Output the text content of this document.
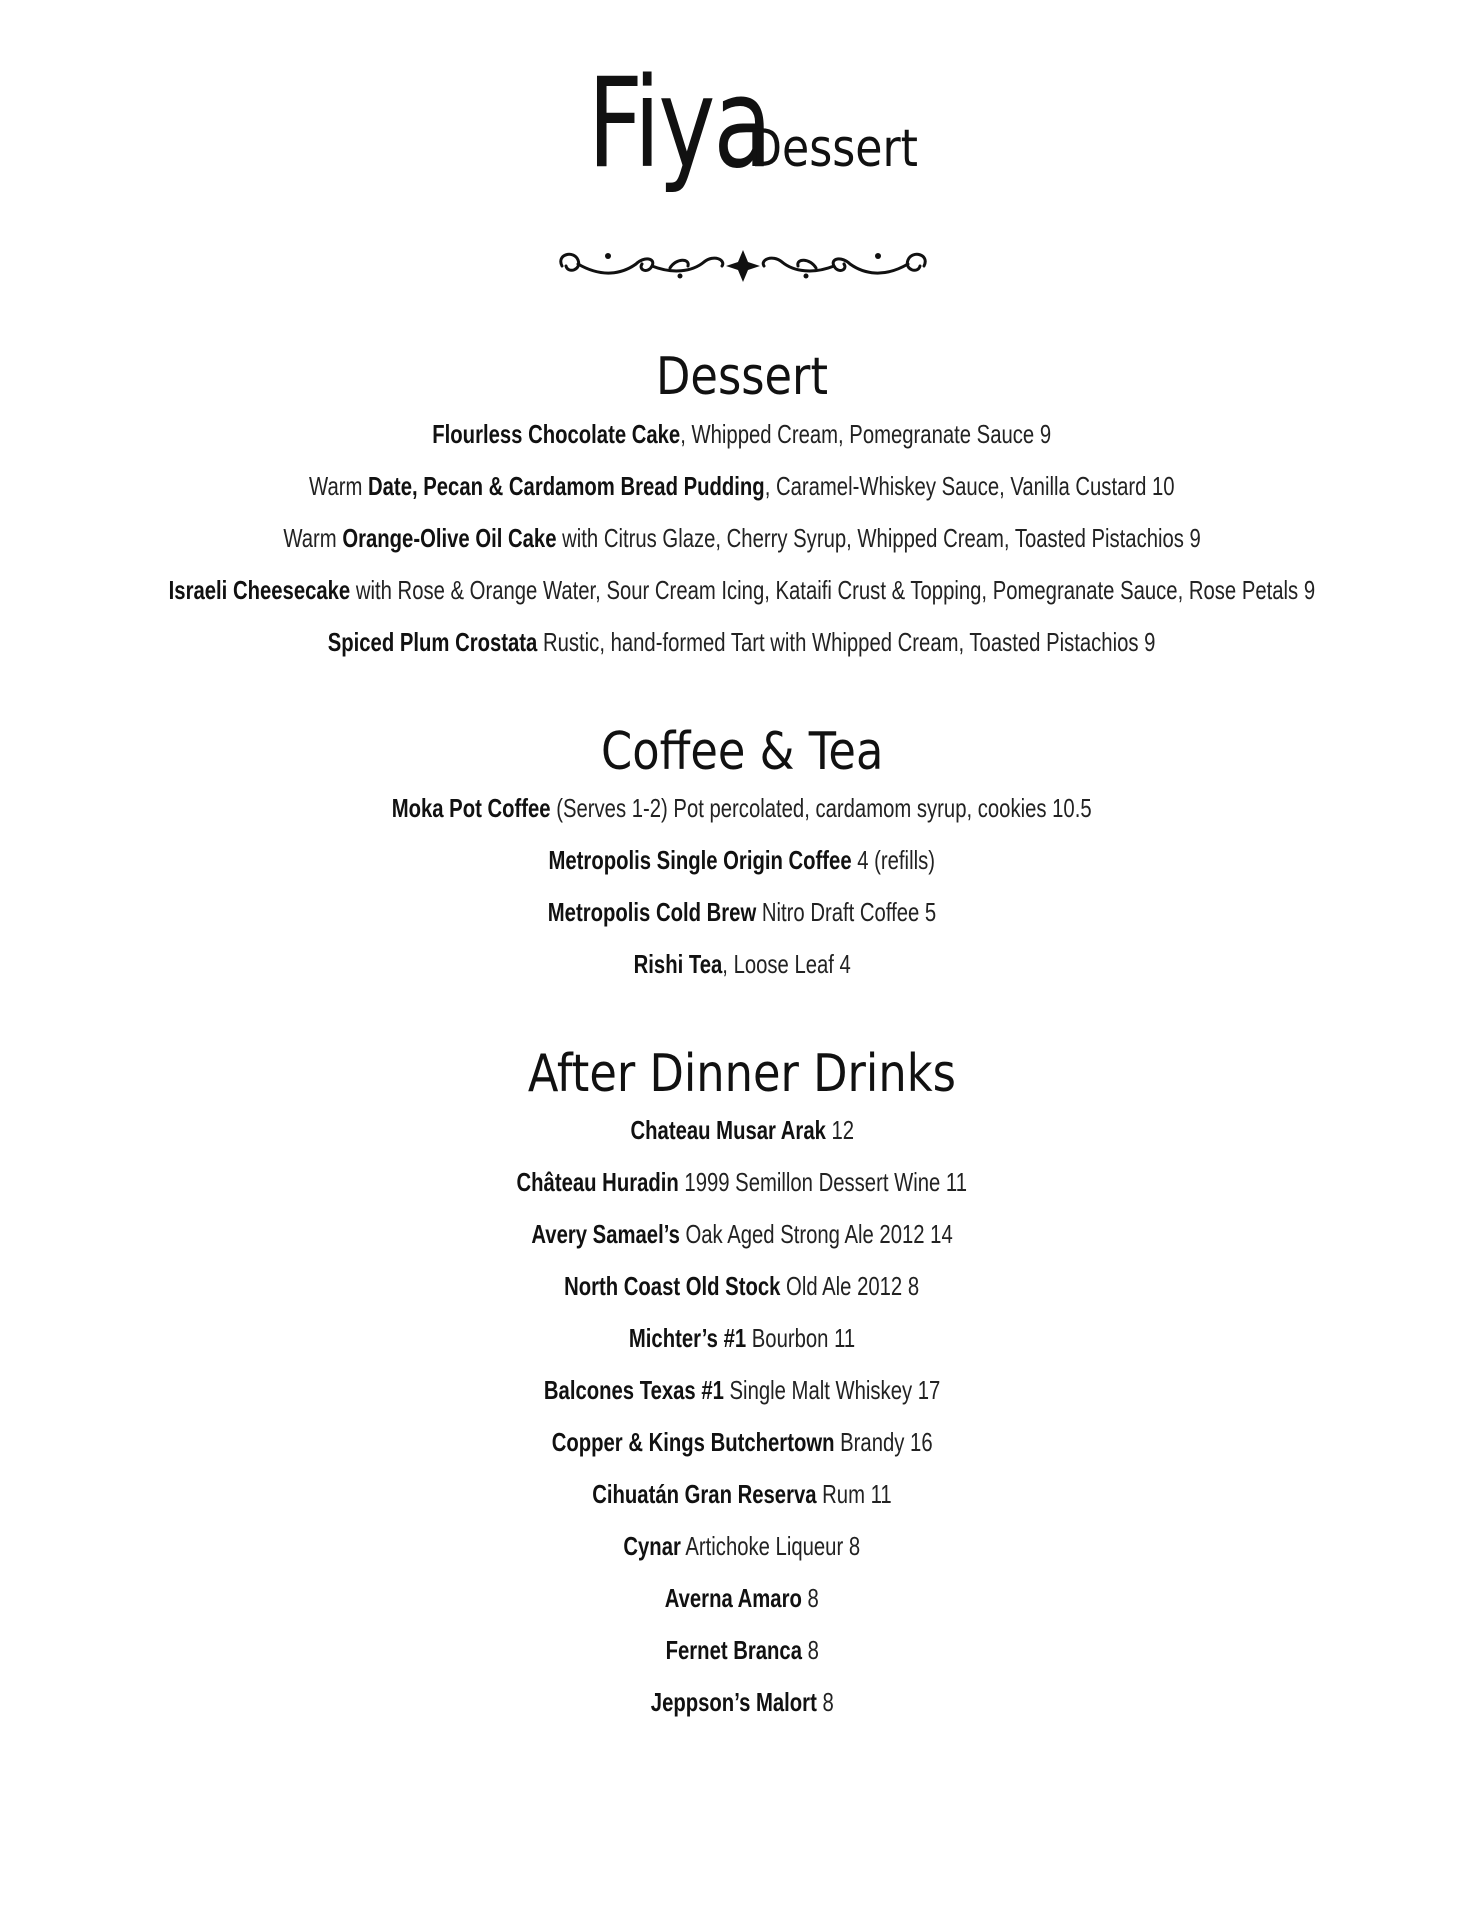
FiyaDessert
Dessert
Flourless Chocolate Cake, Whipped Cream, Pomegranate Sauce 9
Warm Date, Pecan & Cardamom Bread Pudding, Caramel-Whiskey Sauce, Vanilla Custard 10
Warm Orange-Olive Oil Cake with Citrus Glaze, Cherry Syrup, Whipped Cream, Toasted Pistachios 9
Israeli Cheesecake with Rose & Orange Water, Sour Cream Icing, Kataifi Crust & Topping, Pomegranate Sauce, Rose Petals 9
Spiced Plum Crostata Rustic, hand-formed Tart with Whipped Cream, Toasted Pistachios 9
Coffee & Tea
Moka Pot Coffee (Serves 1-2) Pot percolated, cardamom syrup, cookies 10.5
Metropolis Single Origin Coffee 4 (refills)
Metropolis Cold Brew Nitro Draft Coffee 5
Rishi Tea, Loose Leaf 4
After Dinner Drinks
Chateau Musar Arak 12
Château Huradin 1999 Semillon Dessert Wine 11
Avery Samael’s Oak Aged Strong Ale 2012 14
North Coast Old Stock Old Ale 2012 8
Michter’s #1 Bourbon 11
Balcones Texas #1 Single Malt Whiskey 17
Copper & Kings Butchertown Brandy 16
Cihuatán Gran Reserva Rum 11
Cynar Artichoke Liqueur 8
Averna Amaro 8
Fernet Branca 8
Jeppson’s Malort 8
